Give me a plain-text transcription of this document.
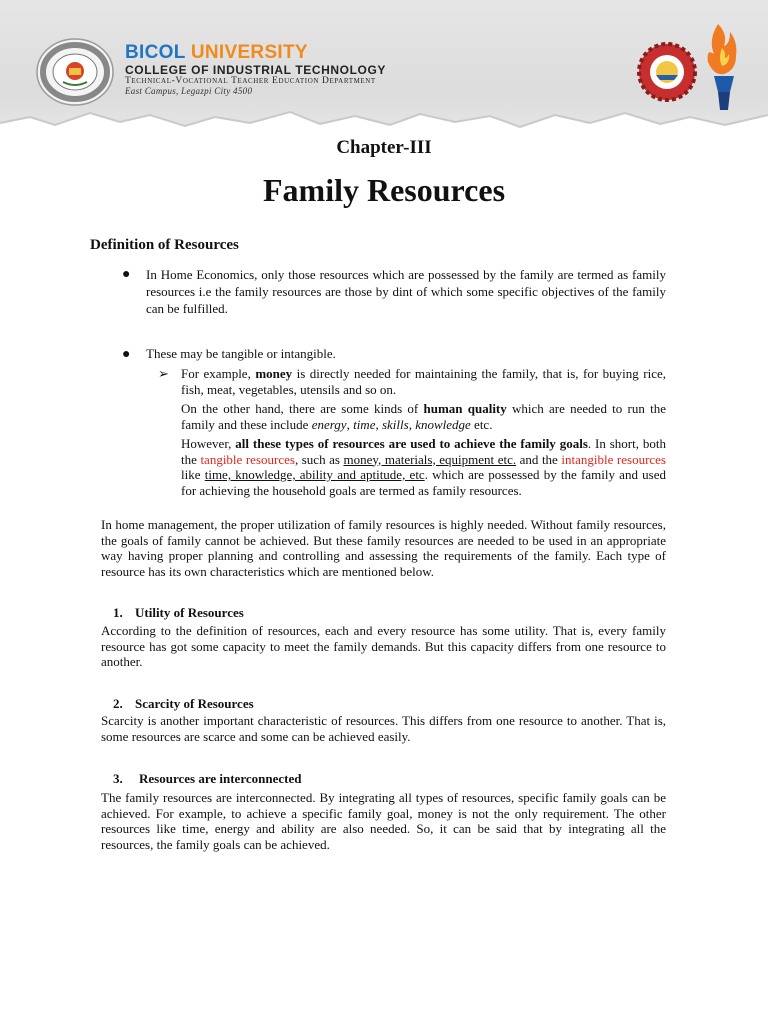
BICOL UNIVERSITY
COLLEGE OF INDUSTRIAL TECHNOLOGY
Technical-Vocational Teacher Education Department
East Campus, Legazpi City 4500
Chapter-III
Family Resources
Definition of Resources
●	In Home Economics, only those resources which are possessed by the family are termed as family resources i.e the family resources are those by dint of which some specific objectives of the family can be fulfilled.

●	These may be tangible or intangible.

➢ For example, money is directly needed for maintaining the family, that is, for buying rice, fish, meat, vegetables, utensils and so on.

On the other hand, there are some kinds of human quality which are needed to run the family and these include energy, time, skills, knowledge etc.

However, all these types of resources are used to achieve the family goals. In short, both the tangible resources, such as money, materials, equipment etc. and the intangible resources like time, knowledge, ability and aptitude, etc. which are possessed by the family and used for achieving the household goals are termed as family resources.

In home management, the proper utilization of family resources is highly needed. Without family resources, the goals of family cannot be achieved. But these family resources are needed to be used in an appropriate way having proper planning and controlling and assessing the requirements of the family. Each type of resource has its own characteristics which are mentioned below.

1. Utility of Resources

According to the definition of resources, each and every resource has some utility. That is, every family resource has got some capacity to meet the family demands. But this capacity differs from one resource to another.

2. Scarcity of Resources

Scarcity is another important characteristic of resources. This differs from one resource to another. That is, some resources are scarce and some can be achieved easily.

3. Resources are interconnected

The family resources are interconnected. By integrating all types of resources, specific family goals can be achieved. For example, to achieve a specific family goal, money is not the only requirement. The other resources like time, energy and ability are also needed. So, it can be said that by integrating all the resources, the family goals can be achieved.
